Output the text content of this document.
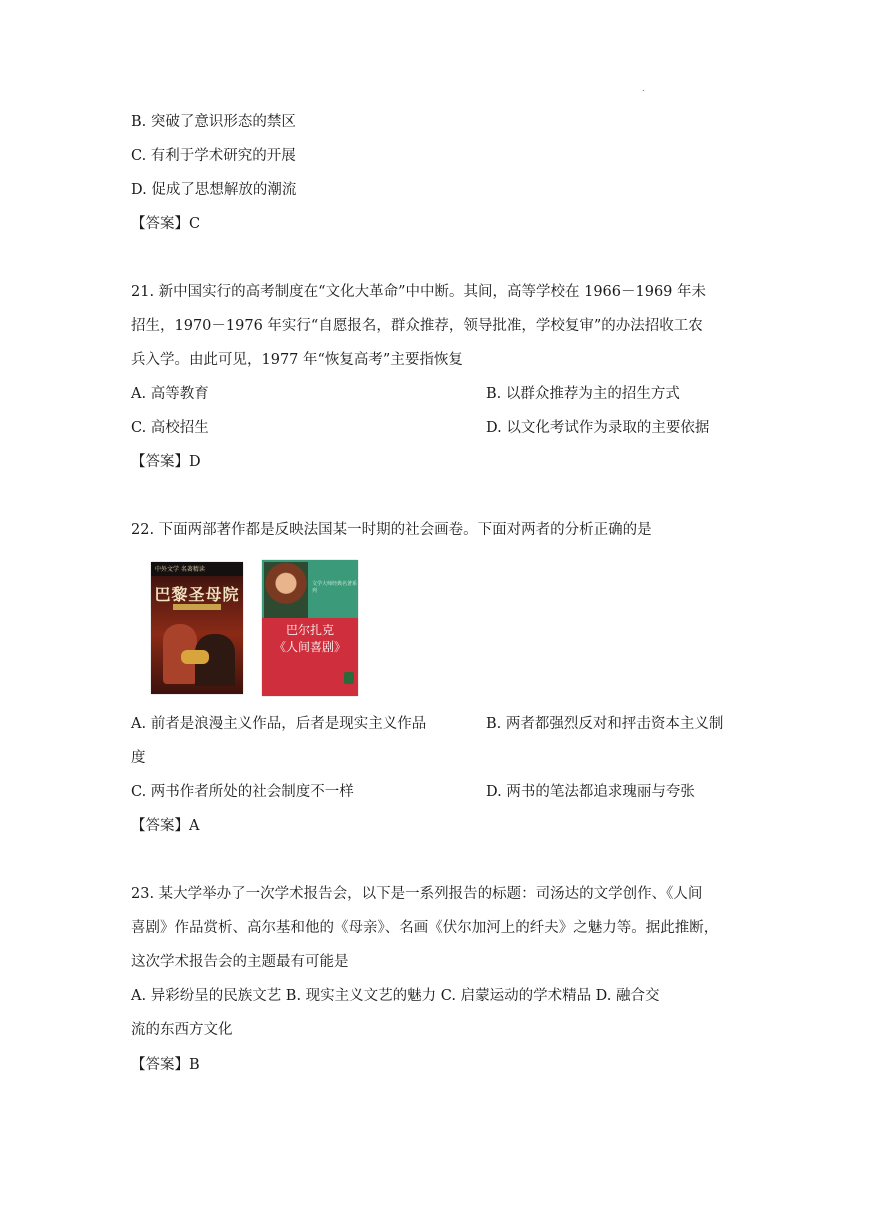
.
B. 突破了意识形态的禁区
C. 有利于学术研究的开展
D. 促成了思想解放的潮流
【答案】C
21. 新中国实行的高考制度在“文化大革命”中中断。其间，高等学校在 1966－1969 年未
招生，1970－1976 年实行“自愿报名，群众推荐，领导批准，学校复审”的办法招收工农
兵入学。由此可见，1977 年“恢复高考”主要指恢复
A. 高等教育	B. 以群众推荐为主的招生方式
C. 高校招生	D. 以文化考试作为录取的主要依据
【答案】D
22. 下面两部著作都是反映法国某一时期的社会画卷。下面对两者的分析正确的是
中外文学 名著精读
巴黎圣母院
文学大师经典名著系列
巴尔扎克
《人间喜剧》
A. 前者是浪漫主义作品，后者是现实主义作品	B. 两者都强烈反对和抨击资本主义制
度
C. 两书作者所处的社会制度不一样	D. 两书的笔法都追求瑰丽与夸张
【答案】A
23. 某大学举办了一次学术报告会，以下是一系列报告的标题：司汤达的文学创作、《人间
喜剧》作品赏析、高尔基和他的《母亲》、名画《伏尔加河上的纤夫》之魅力等。据此推断，
这次学术报告会的主题最有可能是
A. 异彩纷呈的民族文艺 B. 现实主义文艺的魅力 C. 启蒙运动的学术精品 D. 融合交
流的东西方文化
【答案】B
